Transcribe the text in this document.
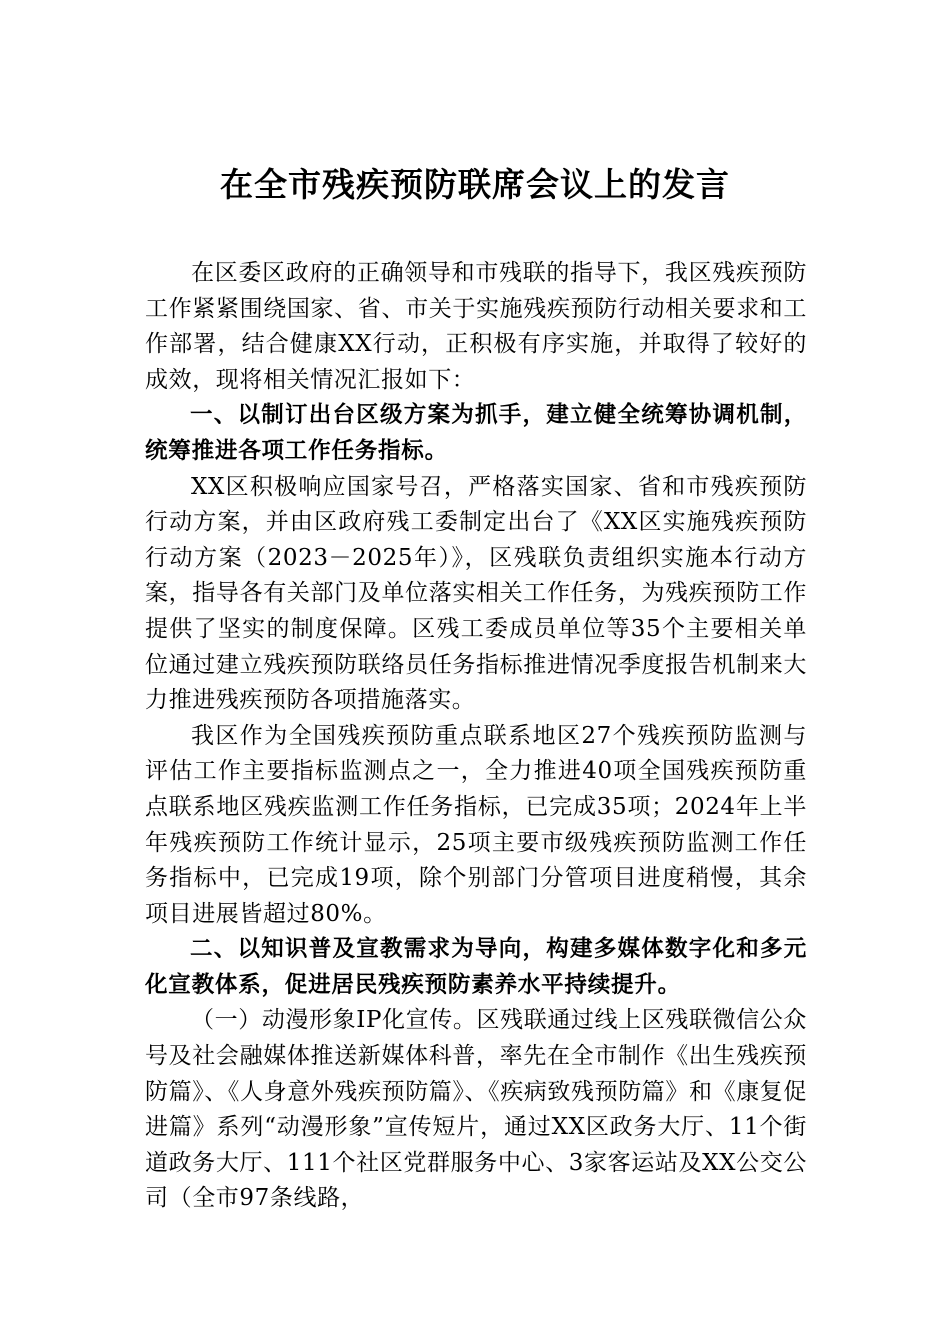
在全市残疾预防联席会议上的发言

在区委区政府的正确领导和市残联的指导下，我区残疾预防工作紧紧围绕国家、省、市关于实施残疾预防行动相关要求和工作部署，结合健康XX行动，正积极有序实施，并取得了较好的成效，现将相关情况汇报如下：

一、以制订出台区级方案为抓手，建立健全统筹协调机制，统筹推进各项工作任务指标。

XX区积极响应国家号召，严格落实国家、省和市残疾预防行动方案，并由区政府残工委制定出台了《XX区实施残疾预防行动方案（2023－2025年）》，区残联负责组织实施本行动方案，指导各有关部门及单位落实相关工作任务，为残疾预防工作提供了坚实的制度保障。区残工委成员单位等35个主要相关单位通过建立残疾预防联络员任务指标推进情况季度报告机制来大力推进残疾预防各项措施落实。

我区作为全国残疾预防重点联系地区27个残疾预防监测与评估工作主要指标监测点之一，全力推进40项全国残疾预防重点联系地区残疾监测工作任务指标，已完成35项；2024年上半年残疾预防工作统计显示，25项主要市级残疾预防监测工作任务指标中，已完成19项，除个别部门分管项目进度稍慢，其余项目进展皆超过80%。

二、以知识普及宣教需求为导向，构建多媒体数字化和多元化宣教体系，促进居民残疾预防素养水平持续提升。

（一）动漫形象IP化宣传。区残联通过线上区残联微信公众号及社会融媒体推送新媒体科普，率先在全市制作《出生残疾预防篇》、《人身意外残疾预防篇》、《疾病致残预防篇》和《康复促进篇》系列“动漫形象”宣传短片，通过XX区政务大厅、11个街道政务大厅、111个社区党群服务中心、3家客运站及XX公交公司（全市97条线路，
